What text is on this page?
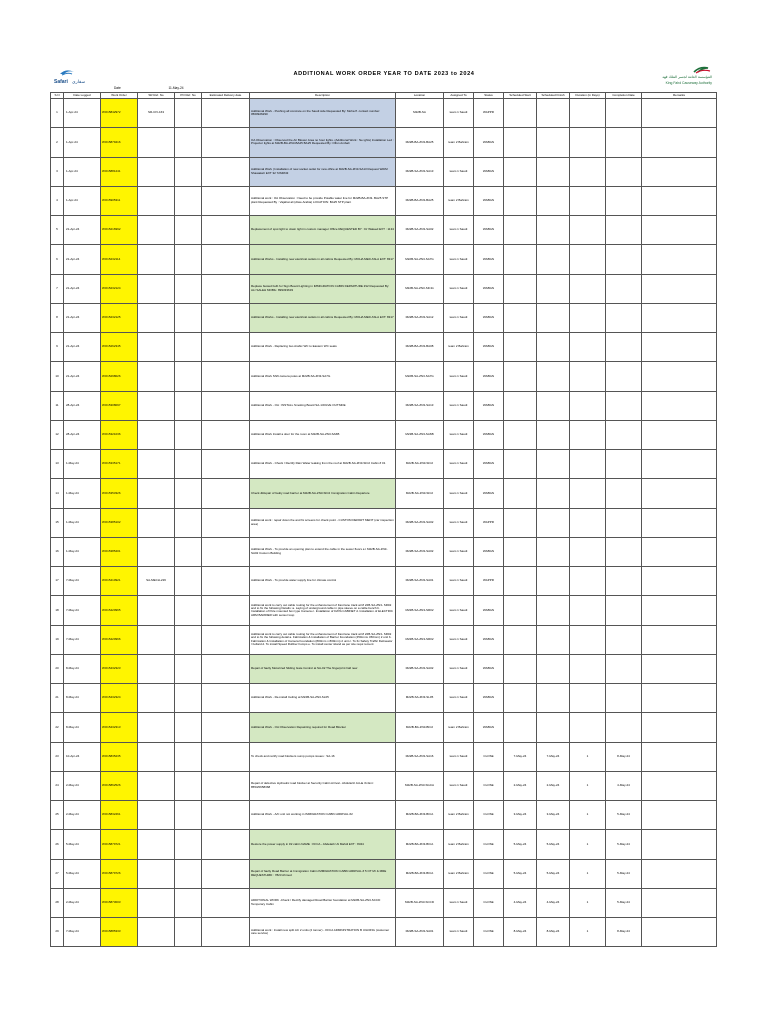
Safari سفاري
المؤسسة العامة لجسر الملك فهد
King Fahd Causeway Authority
ADDITIONAL WORK ORDER YEAR TO DATE 2023 to 2024
Date	11-May-24
S.N	Date Logged	Work Order	SR Ref. No	PO Ref. No	Estimated Delivery date	Description	Location	Assigned To	Status	Scheduled Start	Scheduled Finish	Duration (in Days)	Completion Date	Remarks
1	1-Apr-24	WO15842972	SR-CIV-163			Additional Work - Pushing all concrete on the Saudi side Requested By: Moha ff. contact number: 0560926290	M22B-SA	team 1 Saudi	WAPPR					
2	1-Apr-24	WO15879416				OA Observation : Observed the Air Blower Area no hour lights. (Additional Work : Ne ights) Installation Led : Projector lights at M22B-BA-ZN3-BA25 BA25 Requested By: Olfun Ambali	M22B-BA-ZN3-BA25	team 2 Bahrain	WABGN					
3	1-Apr-24	WO15881241				Additional Work | Installation of new socket outlet for new office at M22B-SA-ZN3-SA13 Request WAIM Shawakeh EXT 32 7264843	M22B-SA-ZN3-SA13	team 1 Saudi	WABGN					
4	1-Apr-24	WO15905311				Additional work : OA Observation : Need to be provide Potable water line for M22B-BA-ZN3- BA25 STP plant Requested By : Vajahat ali (Alwe Arabia) LOCATION: BA25 STP plant	M22B-BA-ZN3-BA25	team 2 Bahrain	WABGN					
5	21-Apr-24	WO15216992				Replacement of spot light to down light in custom manager Office REQUESTED BY : Dr Waleed EXT : 1134	M22B-SA-ZN3-SA02	team 1 Saudi	WABGN					
6	21-Apr-24	WO15232114				Additional Works - Installing new electrical outlets in all cabins Requested By: MOHA MED ASLA EXT: 8317	M22B-SA-ZN3-SA7G	team 1 Saudi	WABGN					
7	21-Apr-24	WO15232124				Replace busted bulb for Sign Board Lighting in IMMIGRATION CABIN DEPARTURE #12 Requested By: ALI SALEH MOBIL: 899333633	M22B-SA-ZN3-SIC11	team 1 Saudi	WABGN					
8	21-Apr-24	WO15232125				Additional Works - Installing new electrical outlets in all cabins Requested By: MOHA MED ASLA EXT: 8317	M22B-SA-ZN3-SA12	team 1 Saudi	WABGN					
9	21-Apr-24	WO15262345				Additional Work - Replacing two Arabic WC to Eastern WC seats	M22B-BA-ZN3-BA08	team 2 Bahrain	WABGN					
10	21-Apr-24	WO15298026				Additional Work Shift camera poles at M22B-SA-ZN3-SA7G	M22B-SA-ZN3-SA7G	team 1 Saudi	WABGN					
11	28-Apr-24	WO15308097				Additional Work - OA : INSTALL Smoking Board SA-13OLVE OUTSIDE	M22B-SA-ZN3-SA13	team 1 Saudi	WABGN					
12	28-Apr-24	WO15321036				Additional Work Install a door for the room at M22B-SA-ZN3-SA6B	M22B-SA-ZN3-SA6B	team 1 Saudi	WABGN					
13	1-May-24	WO15335171				Additional Work - Check / Rectify Rain Water leaking from the roof at M22B-SA-ZN3-SIC2 Cabin # 01	M22B-SA-ZN3-SIC2	team 1 Saudi	WABGN					
14	1-May-24	WO15353326				Check &Repair of faulty road barrier at M22B-SA-ZN3-SIC2 Immigration Cabin Departure	M22B-SA-ZN3-SIC2	team 1 Saudi	WABGN					
15	1-May-24	WO15385102				Additional work : repair down the and fix screens for check point - CUSTOM DEPART MENT (car inspection area)	M22B-SA-ZN3-SA02	team 1 Saudi	WAPPR					
16	1-May-24	WO15385401				Additional Work - To provide an opening plan to extend the cable in the sewer floors a t M22B-SA-ZN3-SA02 Custom Building	M22B-SA-ZN3-SA02	team 1 Saudi	WABGN					
17	7-May-24	WO15410921	SA-MECH-226			Additional Work - To provide water supply line for climate control	M22B-SA-ZN3-SA01	team 1 Saudi	WAPPR					
18	7-May-24	WO15420965				Additional work to carry out cable routing for the enhancement of Fast lane track at M 22B-SA-ZN3- SR02 and to fix the following Details :a. Laying of underground cable in pipe sleeve on a cable bench b. Installation of Pole mounted box type Camera c. Installation of DATA CABINET d. Installation of ELECTRIC ARM BARRIER with sensor loop	M22B-SA-ZN3-SR02	team 1 Saudi	WABGN					
19	7-May-24	WO15420966				Additional work to carry out cable routing for the enhancement of Fast lane track at M 22B-SA-ZN3- SR02 and to fix the following detail a. Fabrication & Installation of Barrier Foundation (450mmx 450mm) 2 unit b. Fabrication & Installation of Camera Foundation (800mm x 800mm) 2 unit c. To fix Safety Traffic Delineator / bollard d. To install Speed Rubber humps e. To install center island as per site requi rement	M22B-SA-ZN3-SR02	team 1 Saudi	WABGN					
20	8-May-24	WO15432323				Repair of faulty Motorized Sliding Gate Control at SA-02 The fingerprint hall new	M22B-SA-ZN3-SA02	team 1 Saudi	WABGN					
21	8-May-24	WO15432324				Additional Work - Re-install Ceiling at M22B-SA-ZN3-SL05	M22B-SA-ZN3-SL05	team 1 Saudi	WABGN					
22	8-May-24	WO15432313				Additional Work - OA Observation Repainting required for Road Blocker	M22B-BA-ZN3-BIC2	team 2 Bahrain	WABGN					
23	10-Apr-24	WO15835235				To check and rectify road blockers sump pumps issues : SA-16	M22B-SA-ZN3-SA16	team 1 Saudi	CLOSE	7-May-24	7-May-24	1	8-May-24	
24	2-May-24	WO15862526				Repair of defective Hydraulic road blocker at Security Cabin Arrival - Abdulaziz Al-Ha rbi Ext : 8553/0658368	M22B-SA-ZN3-SGCA	team 1 Saudi	CLOSE	2-May-24	2-May-24	1	4-May-24	
25	2-May-24	WO15832461				Additional Work - A/C unit not working in IMMIGRATION CABIN ARRIVAL #2	M22B-BA-ZN3-BICA	team 2 Bahrain	CLOSE	3-May-24	3-May-24	1	5-May-24	
26	5-May-24	WO15879721				Restore the power supply in #2 cabin NAME : KFCA - Abdelaziz Al Mahdi EXT : 8344	M22B-BA-ZN3-BICA	team 2 Bahrain	CLOSE	5-May-24	5-May-24	1	5-May-24	
27	5-May-24	WO15879726				Repair of faulty Road Barrier at Immigration Cabin IMMIGRATION CABIN ARRIVAL # 5 OT Mr & MRE REQUESTHMD : 7823 Ahmed	M22B-BA-ZN3-BICA	team 2 Bahrain	CLOSE	5-May-24	5-May-24	1	5-May-24	
28	2-May-24	WO15873003				ADDITIONAL WORK -Check / Rectify damaged Road Barrier foundation at M22B-SA-ZN3-SCCD Temporary Cabin	M22B-SA-ZN3-SCCD	team 1 Saudi	CLOSE	4-May-24	4-May-24	1	5-May-24	
29	7-May-24	WO15885333				Additional work : Install new split AC 2 units (2 tonner) - KFCA ADMINISTRATION B UILDING (customer care service)	M22B-SA-ZN3-SA01	team 1 Saudi	CLOSE	8-May-24	8-May-24	1	8-May-24	
